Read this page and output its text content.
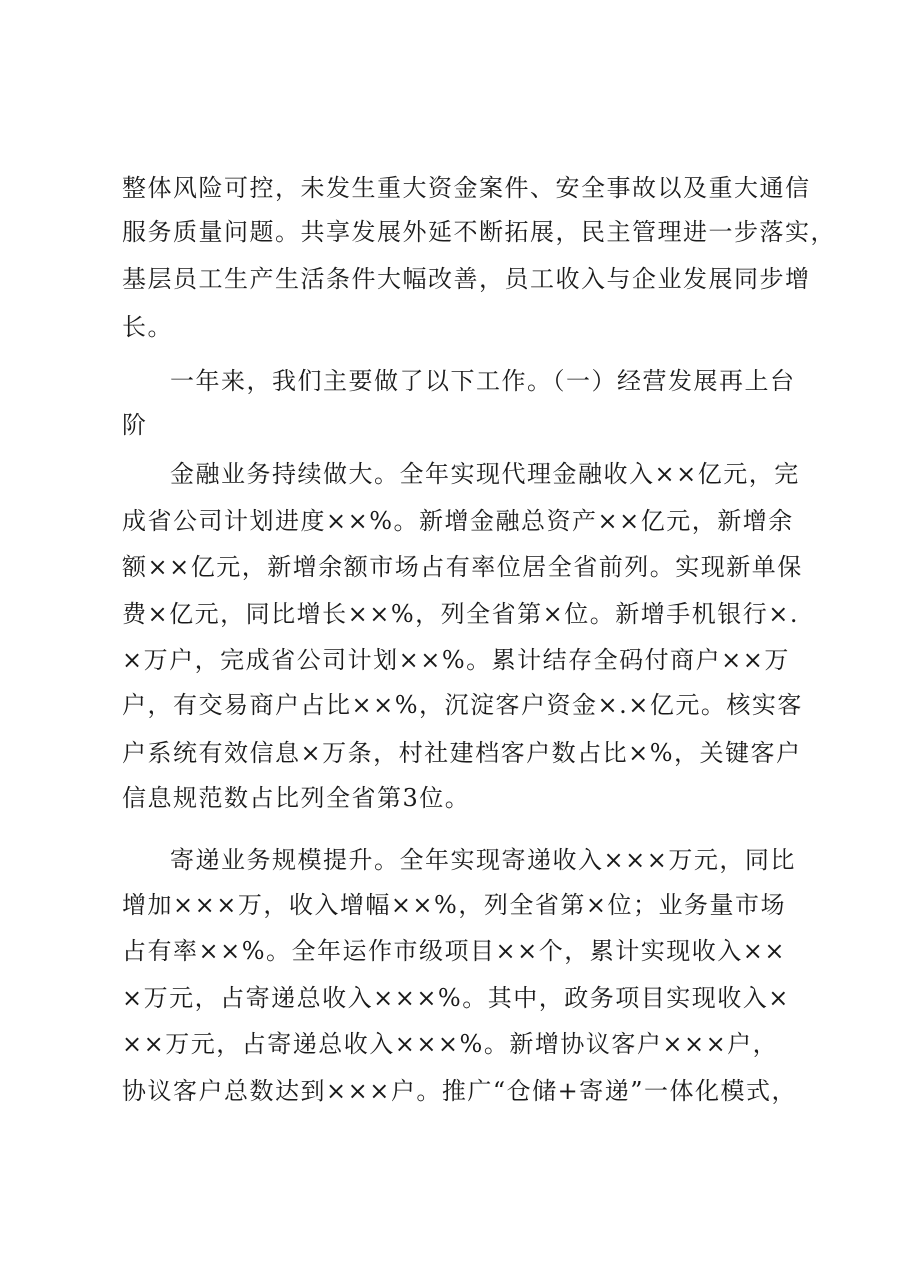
整体风险可控，未发生重大资金案件、安全事故以及重大通信
服务质量问题。共享发展外延不断拓展，民主管理进一步落实，
基层员工生产生活条件大幅改善，员工收入与企业发展同步增
长。
一年来，我们主要做了以下工作。（一）经营发展再上台
阶
金融业务持续做大。全年实现代理金融收入××亿元，完
成省公司计划进度××%。新增金融总资产××亿元，新增余
额××亿元，新增余额市场占有率位居全省前列。实现新单保
费×亿元，同比增长××%，列全省第×位。新增手机银行×.
×万户，完成省公司计划××%。累计结存全码付商户××万
户，有交易商户占比××%，沉淀客户资金×.×亿元。核实客
户系统有效信息×万条，村社建档客户数占比×%，关键客户
信息规范数占比列全省第3位。
寄递业务规模提升。全年实现寄递收入×××万元，同比
增加×××万，收入增幅××%，列全省第×位；业务量市场
占有率××%。全年运作市级项目××个，累计实现收入××
×万元，占寄递总收入×××%。其中，政务项目实现收入×
××万元，占寄递总收入×××%。新增协议客户×××户，
协议客户总数达到×××户。推广“仓储+寄递”一体化模式，
